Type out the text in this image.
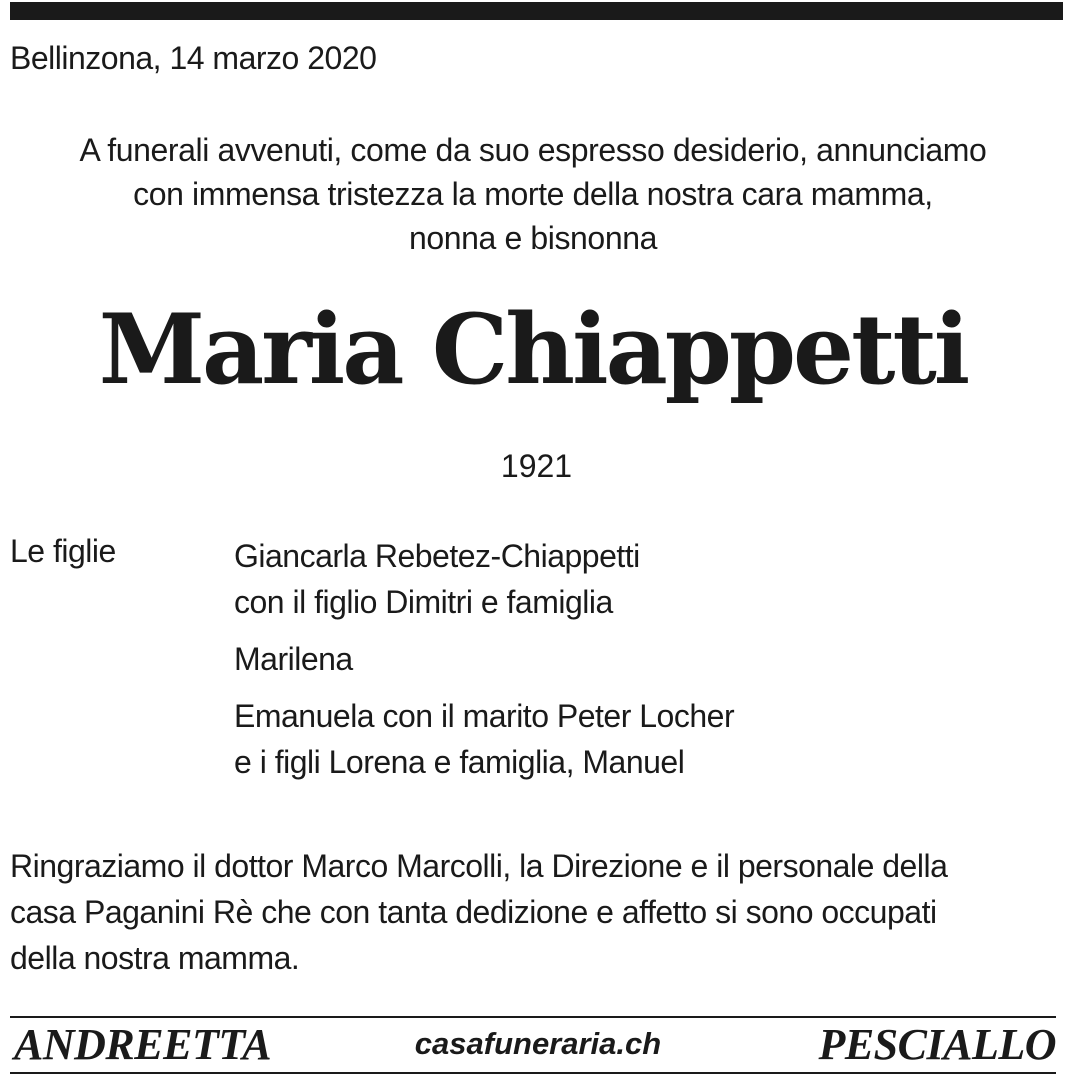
Bellinzona, 14 marzo 2020
A funerali avvenuti, come da suo espresso desiderio, annunciamo
con immensa tristezza la morte della nostra cara mamma,
nonna e bisnonna
Maria Chiappetti
1921
Le figlie	Giancarla Rebetez-Chiappetti
con il figlio Dimitri e famiglia
Marilena
Emanuela con il marito Peter Locher
e i figli Lorena e famiglia, Manuel
Ringraziamo il dottor Marco Marcolli, la Direzione e il personale della
casa Paganini Rè che con tanta dedizione e affetto si sono occupati
della nostra mamma.
ANDREETTA	casafuneraria.ch	PESCIALLO
